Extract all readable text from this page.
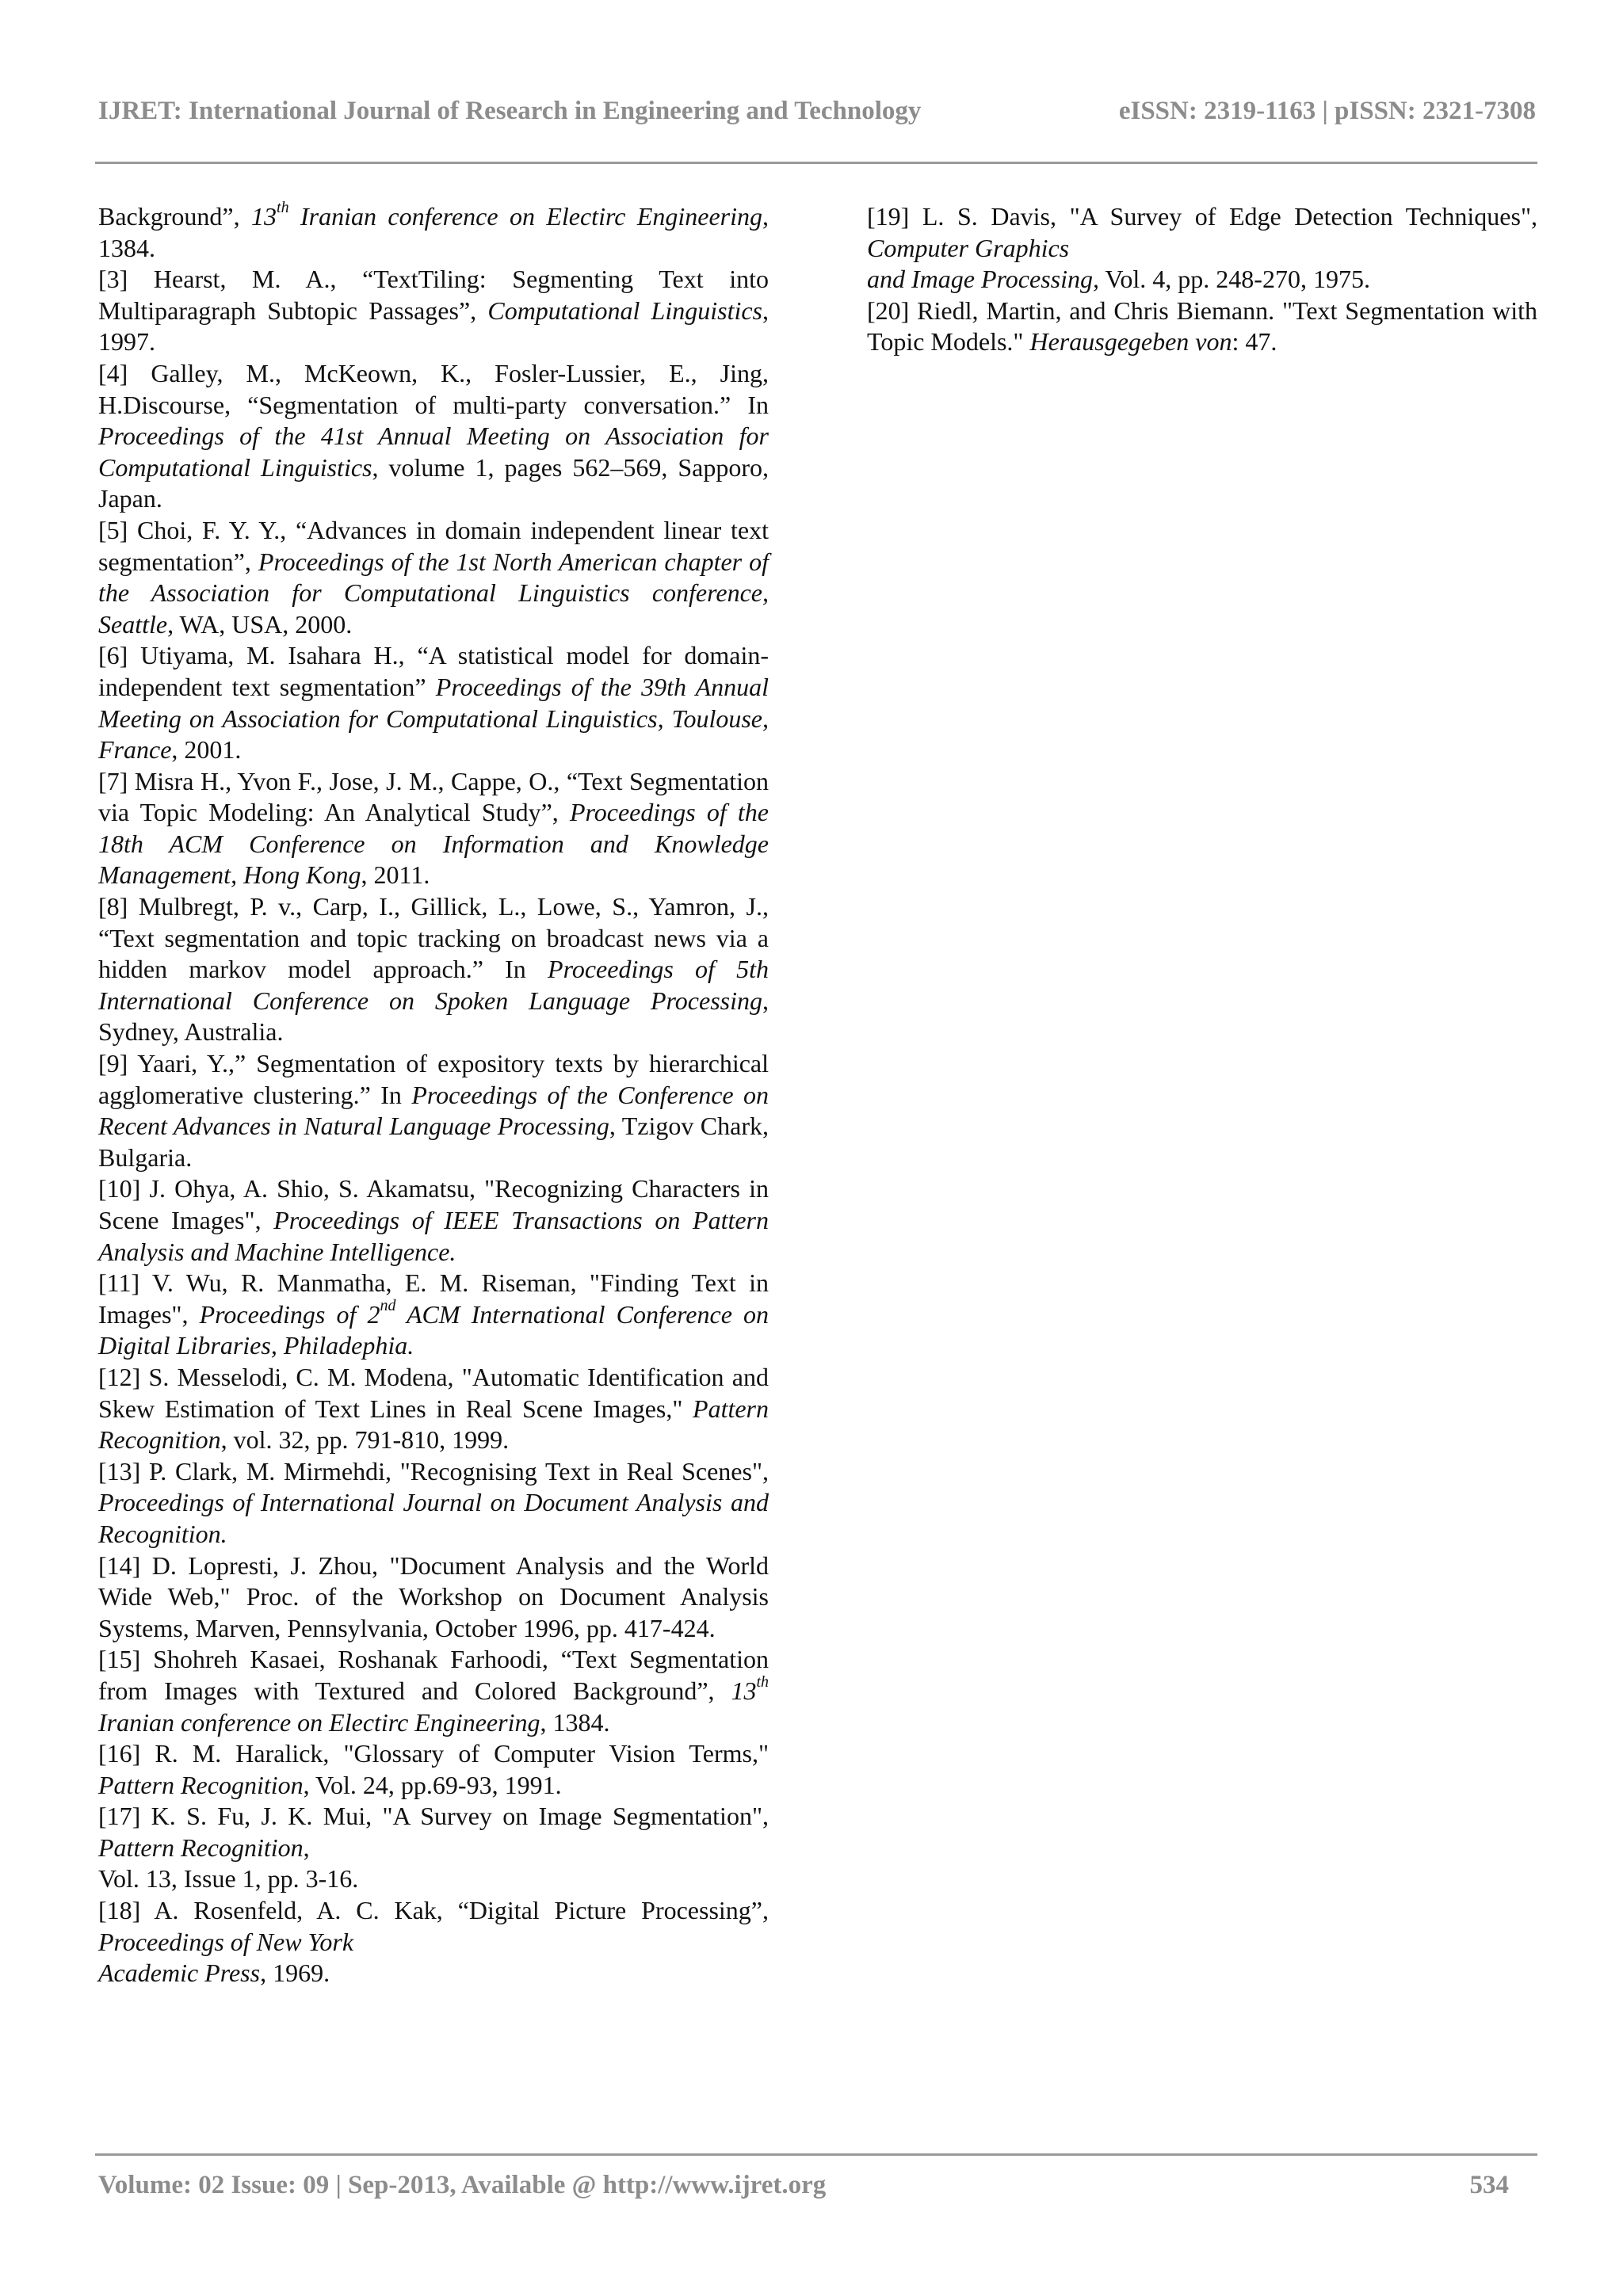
IJRET: International Journal of Research in Engineering and Technology	eISSN: 2319-1163 | pISSN: 2321-7308

Background”, 13th Iranian conference on Electirc Engineering, 1384.

[3] Hearst, M. A., “TextTiling: Segmenting Text into Multiparagraph Subtopic Passages”, Computational Linguistics, 1997.

[4] Galley, M., McKeown, K., Fosler-Lussier, E., Jing, H.Discourse, “Segmentation of multi-party conversation.” In Proceedings of the 41st Annual Meeting on Association for Computational Linguistics, volume 1, pages 562–569, Sapporo, Japan.

[5] Choi, F. Y. Y., “Advances in domain independent linear text segmentation”, Proceedings of the 1st North American chapter of the Association for Computational Linguistics conference, Seattle, WA, USA, 2000.

[6] Utiyama, M. Isahara H., “A statistical model for domain-independent text segmentation” Proceedings of the 39th Annual Meeting on Association for Computational Linguistics, Toulouse, France, 2001.

[7] Misra H., Yvon F., Jose, J. M., Cappe, O., “Text Segmentation via Topic Modeling: An Analytical Study”, Proceedings of the 18th ACM Conference on Information and Knowledge Management, Hong Kong, 2011.

[8] Mulbregt, P. v., Carp, I., Gillick, L., Lowe, S., Yamron, J., “Text segmentation and topic tracking on broadcast news via a hidden markov model approach.” In Proceedings of 5th International Conference on Spoken Language Processing, Sydney, Australia.

[9] Yaari, Y.,” Segmentation of expository texts by hierarchical agglomerative clustering.” In Proceedings of the Conference on Recent Advances in Natural Language Processing, Tzigov Chark, Bulgaria.

[10] J. Ohya, A. Shio, S. Akamatsu, "Recognizing Characters in Scene Images", Proceedings of IEEE Transactions on Pattern Analysis and Machine Intelligence.

[11] V. Wu, R. Manmatha, E. M. Riseman, "Finding Text in Images", Proceedings of 2nd ACM International Conference on Digital Libraries, Philadephia.

[12] S. Messelodi, C. M. Modena, "Automatic Identification and Skew Estimation of Text Lines in Real Scene Images," Pattern Recognition, vol. 32, pp. 791-810, 1999.

[13] P. Clark, M. Mirmehdi, "Recognising Text in Real Scenes", Proceedings of International Journal on Document Analysis and Recognition.

[14] D. Lopresti, J. Zhou, "Document Analysis and the World Wide Web," Proc. of the Workshop on Document Analysis Systems, Marven, Pennsylvania, October 1996, pp. 417-424.

[15] Shohreh Kasaei, Roshanak Farhoodi, “Text Segmentation from Images with Textured and Colored Background”, 13th Iranian conference on Electirc Engineering, 1384.

[16] R. M. Haralick, "Glossary of Computer Vision Terms," Pattern Recognition, Vol. 24, pp.69-93, 1991.

[17] K. S. Fu, J. K. Mui, "A Survey on Image Segmentation", Pattern Recognition,
Vol. 13, Issue 1, pp. 3-16.

[18] A. Rosenfeld, A. C. Kak, “Digital Picture Processing”, Proceedings of New York
Academic Press, 1969.

[19] L. S. Davis, "A Survey of Edge Detection Techniques", Computer Graphics
and Image Processing, Vol. 4, pp. 248-270, 1975.

[20] Riedl, Martin, and Chris Biemann. "Text Segmentation with Topic Models." Herausgegeben von: 47.

Volume: 02 Issue: 09 | Sep-2013, Available @ http://www.ijret.org	534
